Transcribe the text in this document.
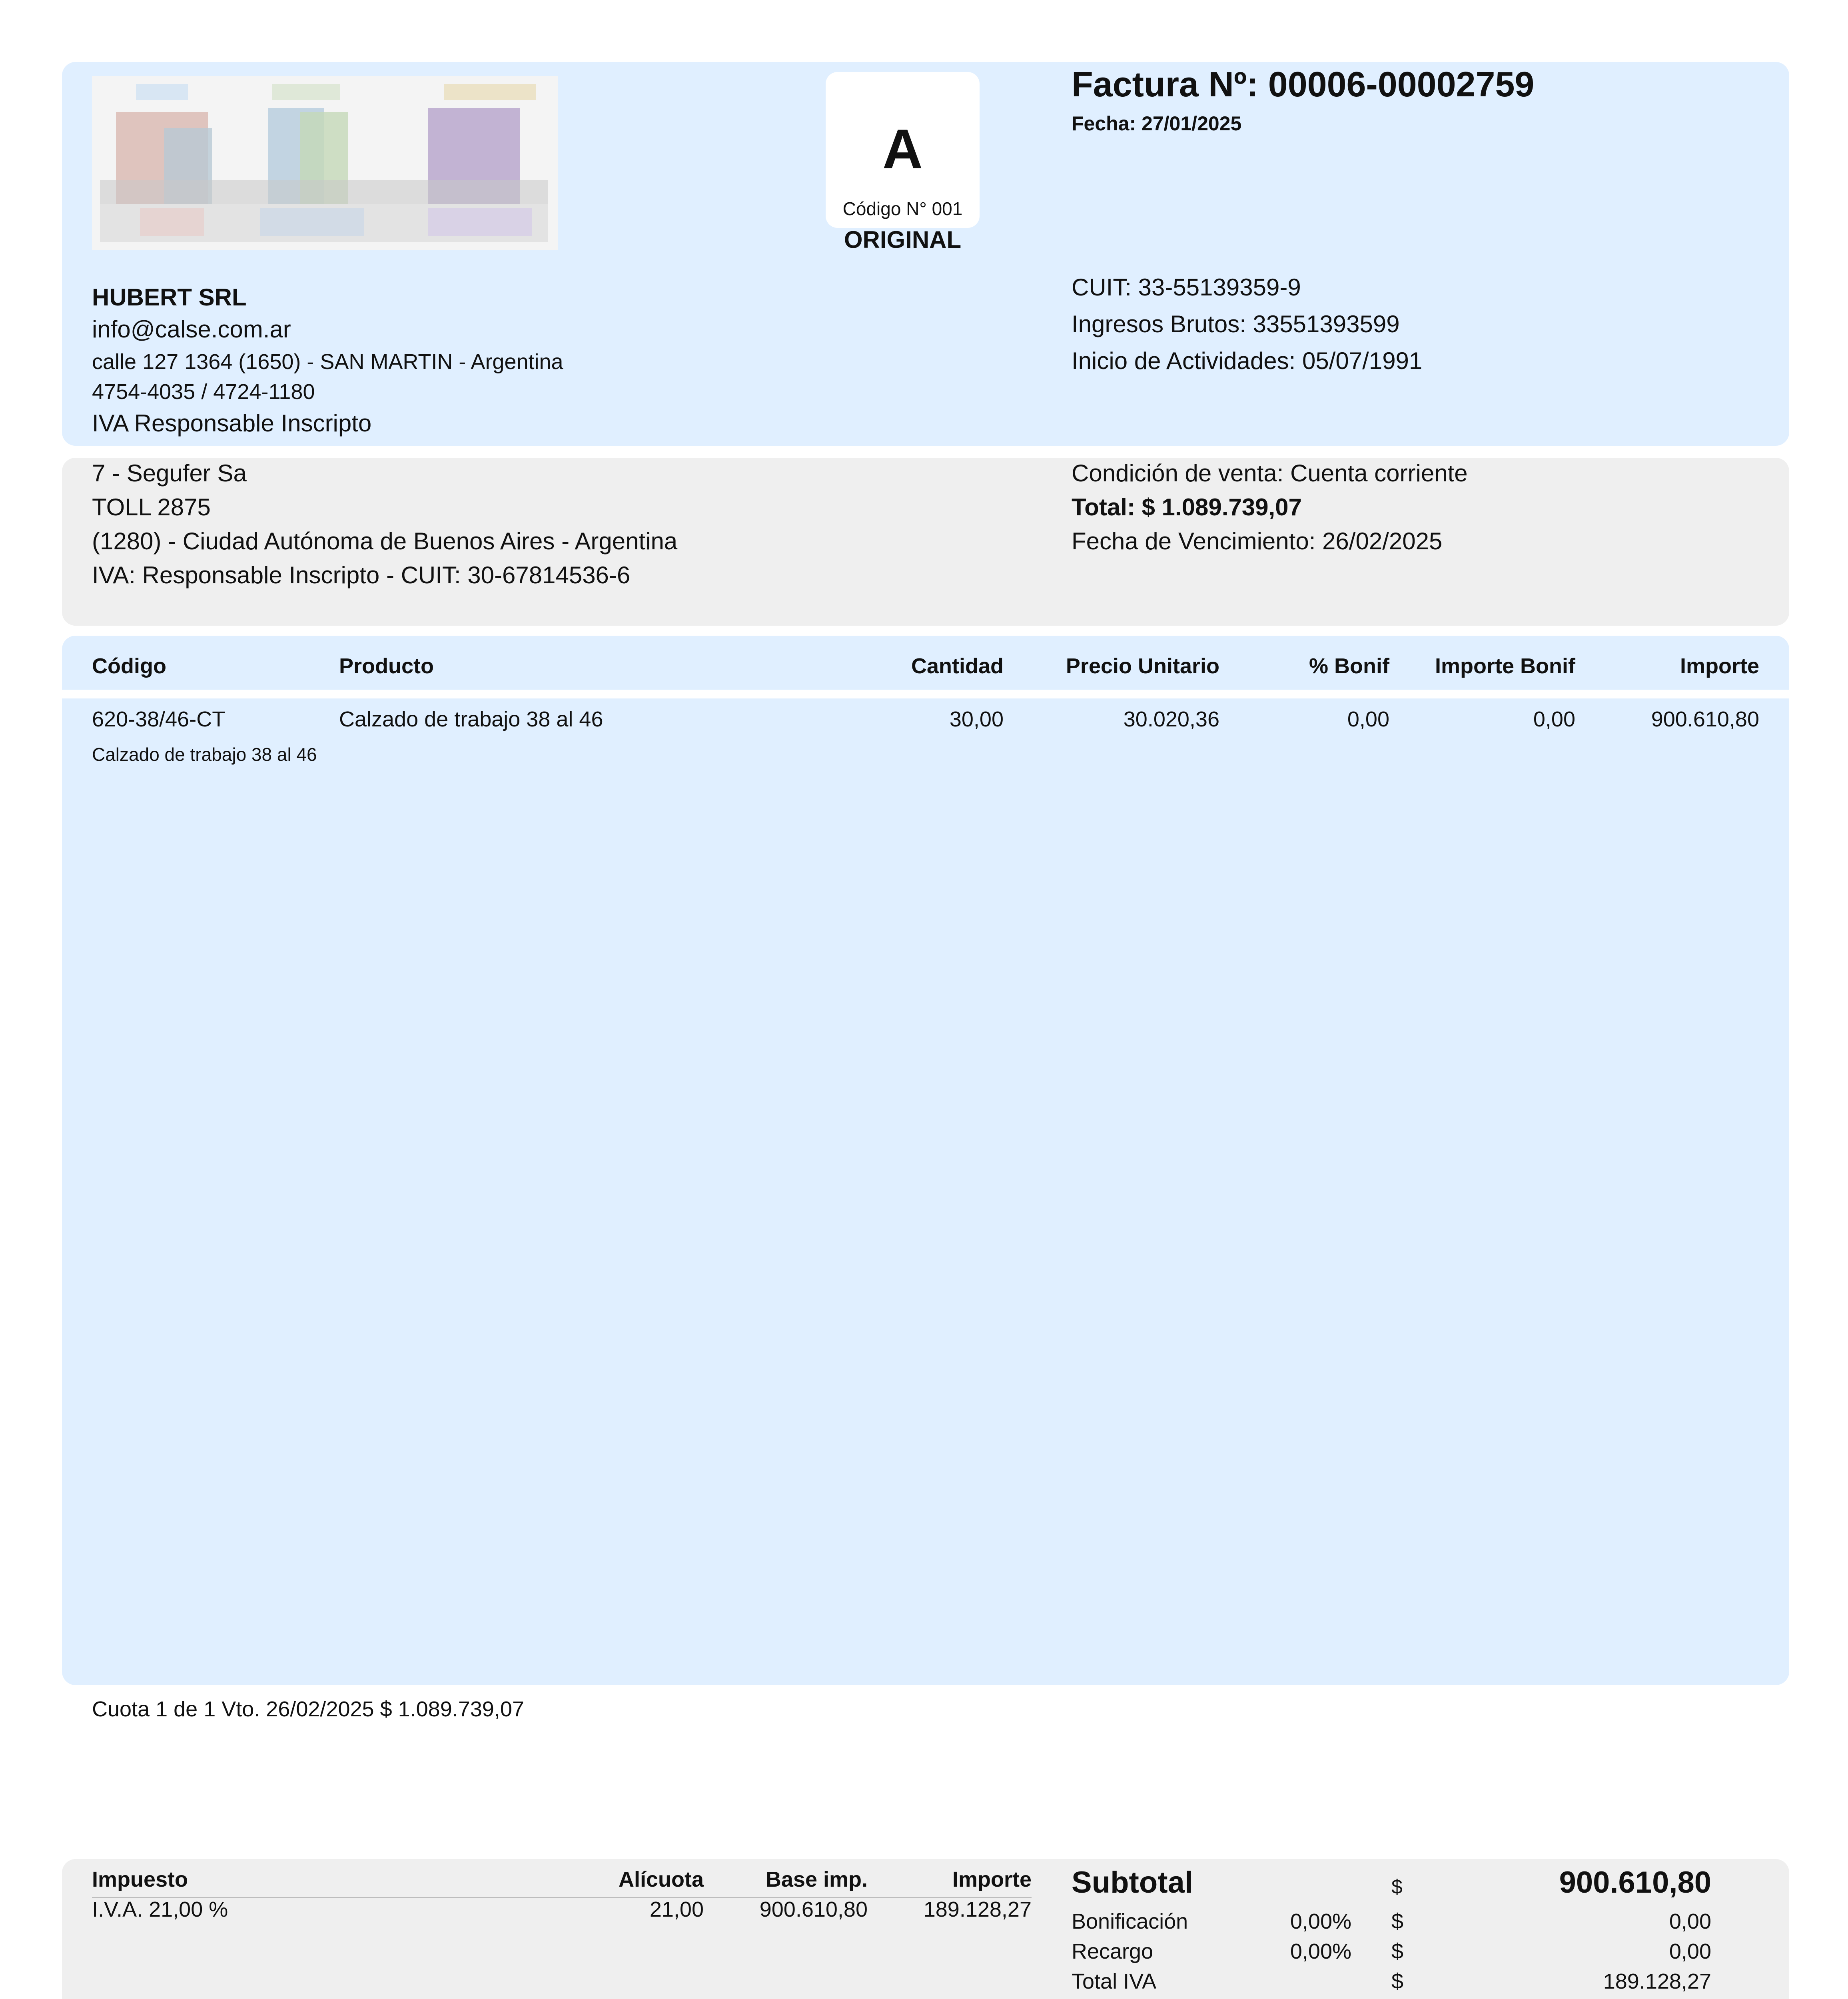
A
Código N° 001
ORIGINAL
Factura Nº: 00006-00002759
Fecha: 27/01/2025
HUBERT SRL
info@calse.com.ar
calle 127 1364 (1650) - SAN MARTIN - Argentina
4754-4035 / 4724-1180
IVA Responsable Inscripto
CUIT: 33-55139359-9
Ingresos Brutos: 33551393599
Inicio de Actividades: 05/07/1991
7 - Segufer Sa
TOLL 2875
(1280) - Ciudad Autónoma de Buenos Aires - Argentina
IVA: Responsable Inscripto - CUIT: 30-67814536-6
Condición de venta: Cuenta corriente
Total: $ 1.089.739,07
Fecha de Vencimiento: 26/02/2025
Código	Producto	Cantidad	Precio Unitario	% Bonif	Importe Bonif	Importe
620-38/46-CT	Calzado de trabajo 38 al 46	30,00	30.020,36	0,00	0,00	900.610,80
Calzado de trabajo 38 al 46
Cuota 1 de 1 Vto. 26/02/2025 $ 1.089.739,07
Impuesto	Alícuota	Base imp.	Importe
I.V.A. 21,00 %	21,00	900.610,80	189.128,27
Subtotal	$	900.610,80
Bonificación	0,00% $	0,00
Recargo	0,00% $	0,00
Total IVA	$	189.128,27
